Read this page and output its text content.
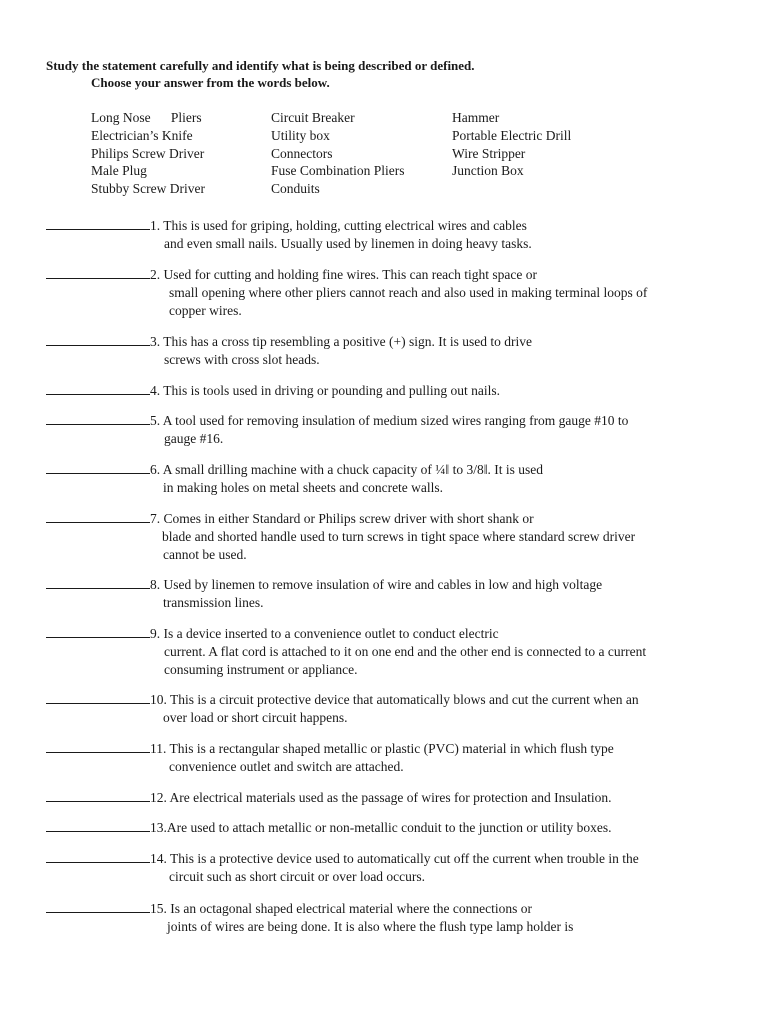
Study the statement carefully and identify what is being described or defined.
Choose your answer from the words below.
Long Nose      Pliers
Electrician’s Knife
Philips Screw Driver
Male Plug
Stubby Screw Driver
Circuit Breaker
Utility box
Connectors
Fuse Combination Pliers
Conduits
Hammer
Portable Electric Drill
Wire Stripper
Junction Box
1. This is used for griping, holding, cutting electrical wires and cables
and even small nails. Usually used by linemen in doing heavy tasks.
2. Used for cutting and holding fine wires. This can reach tight space or
small opening where other pliers cannot reach and also used in making terminal loops of
copper wires.
3. This has a cross tip resembling a positive (+) sign. It is used to drive
screws with cross slot heads.
4. This is tools used in driving or pounding and pulling out nails.
5. A tool used for removing insulation of medium sized wires ranging from gauge #10 to
gauge #16.
6. A small drilling machine with a chuck capacity of ¼‖ to 3/8‖. It is used
in making holes on metal sheets and concrete walls.
7. Comes in either Standard or Philips screw driver with short shank or
blade and shorted handle used to turn screws in tight space where standard screw driver
cannot be used.
8. Used by linemen to remove insulation of wire and cables in low and high voltage
transmission lines.
9. Is a device inserted to a convenience outlet to conduct electric
current. A flat cord is attached to it on one end and the other end is connected to a current
consuming instrument or appliance.
10. This is a circuit protective device that automatically blows and cut the current when an
over load or short circuit happens.
11. This is a rectangular shaped metallic or plastic (PVC) material in which flush type
convenience outlet and switch are attached.
12. Are electrical materials used as the passage of wires for protection and Insulation.
13.Are used to attach metallic or non-metallic conduit to the junction or utility boxes.
14. This is a protective device used to automatically cut off the current when trouble in the
circuit such as short circuit or over load occurs.
15. Is an octagonal shaped electrical material where the connections or
joints of wires are being done. It is also where the flush type lamp holder is
